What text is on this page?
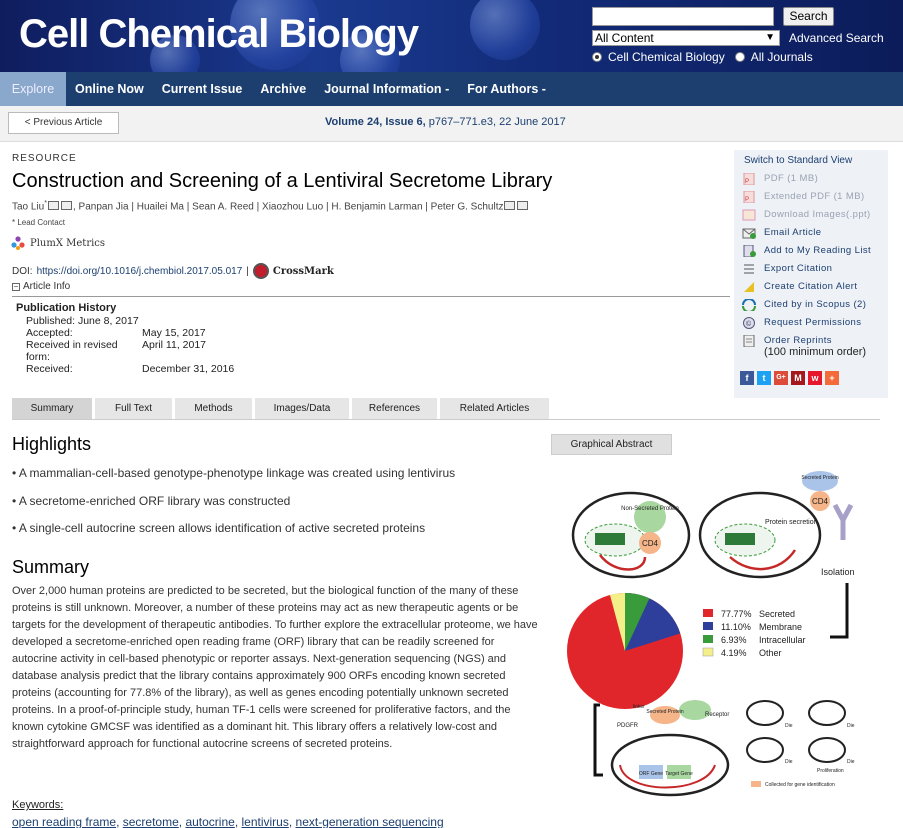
Cell Chemical Biology	Search
All Content	▼ Advanced Search
Cell Chemical Biology All Journals
Explore	Online Now	Current Issue	Archive	Journal Information -	For Authors -
< Previous Article	Volume 24, Issue 6, p767–771.e3, 22 June 2017
RESOURCE
Construction and Screening of a Lentiviral Secretome Library
Tao Liu*	, Panpan Jia | Huailei Ma | Sean A. Reed | Xiaozhou Luo | H. Benjamin Larman | Peter G. Schultz
* Lead Contact
PlumX Metrics
DOI: https://doi.org/10.1016/j.chembiol.2017.05.017 | CrossMark
− Article Info
Publication History
Published: June 8, 2017
Accepted:	May 15, 2017
Received in revised form:
April 11, 2017
Received:	December 31, 2016
Switch to Standard View
P PDF (1 MB)
P Extended PDF (1 MB)
Download Images(.ppt)
Email Article
Add to My Reading List
Export Citation
Create Citation Alert
Cited by in Scopus (2)
© Request Permissions
Order Reprints
(100 minimum order)
f	t	G+ M	w	+
Summary	Full Text	Methods	Images/Data	References	Related Articles
Highlights
• A mammalian-cell-based genotype-phenotype linkage was created using lentivirus
• A secretome-enriched ORF library was constructed
• A single-cell autocrine screen allows identification of active secreted proteins
Summary
Over 2,000 human proteins are predicted to be secreted, but the biological function of the many of these proteins is still unknown. Moreover, a number of these proteins may act as new therapeutic agents or be targets for the development of therapeutic antibodies. To further explore the extracellular proteome, we have developed a secretome-enriched open reading frame (ORF) library that can be readily screened for autocrine activity in cell-based phenotypic or reporter assays. Next-generation sequencing (NGS) and database analysis predict that the library contains approximately 900 ORFs encoding known secreted proteins (accounting for 77.8% of the library), as well as genes encoding potentially unknown secreted proteins. In a proof-of-principle study, human TF-1 cells were screened for proliferative factors, and the known cytokine GMCSF was identified as a dominant hit. This library offers a relatively low-cost and straightforward approach for functional autocrine screens of secreted proteins.
Keywords:
open reading frame, secretome, autocrine, lentivirus, next-generation sequencing
Graphical Abstract
Non-Secreted Protein
CD4
Protein secretion
Secreted Protein
CD4
Isolation
77.77% Secreted
11.10% Membrane
6.93% Intracellular
4.19% Other
Secreted Protein
linker
Receptor
PDGFR
ORF Gene Target Gene
Die	Die
Die
Proliferation
Die
Collected for gene identification
